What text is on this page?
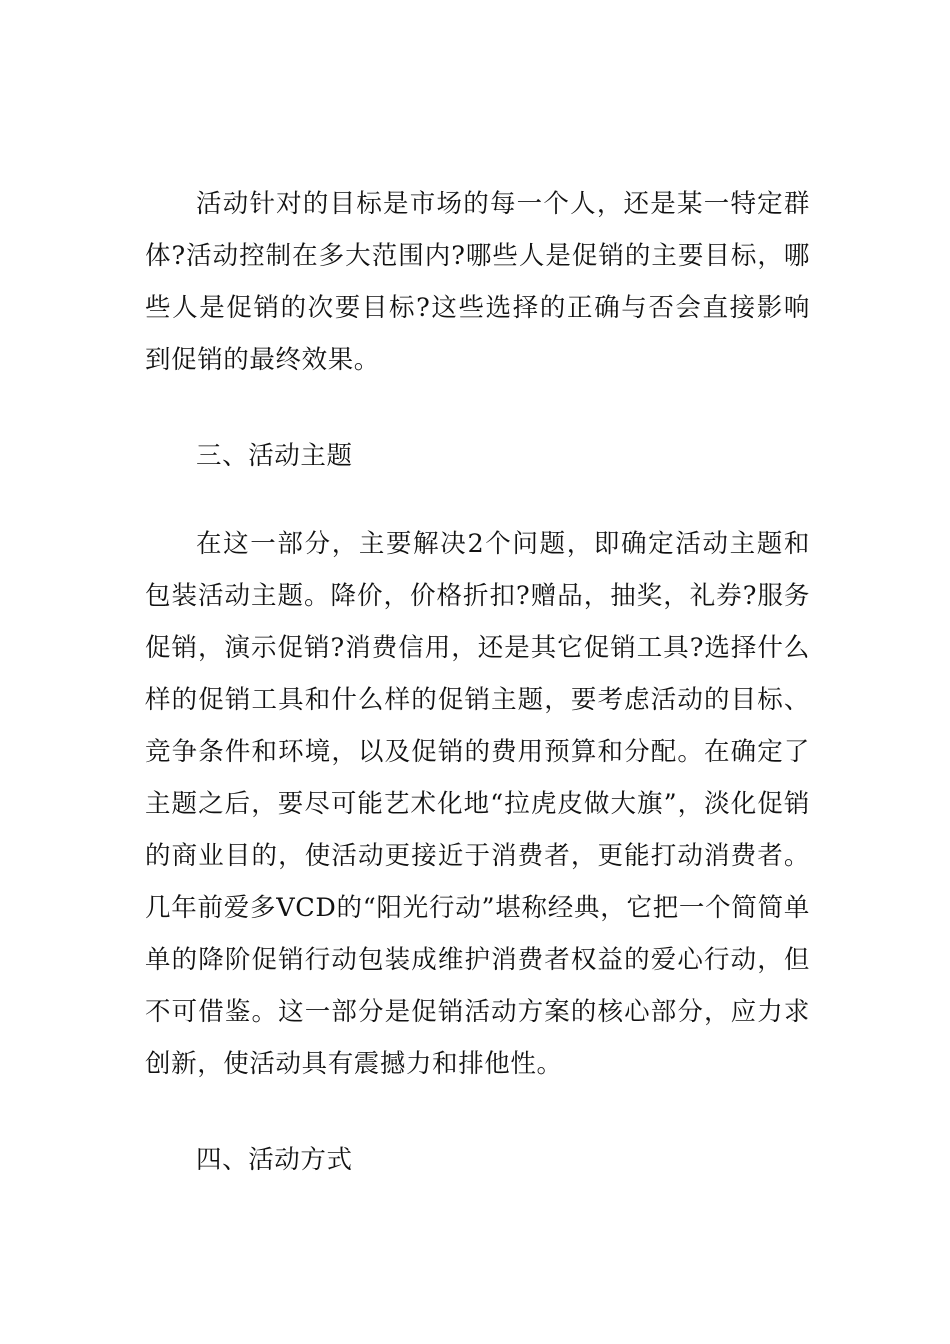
活动针对的目标是市场的每一个人，还是某一特定群体?活动控制在多大范围内?哪些人是促销的主要目标，哪些人是促销的次要目标?这些选择的正确与否会直接影响到促销的最终效果。

三、活动主题

在这一部分，主要解决2个问题，即确定活动主题和包装活动主题。降价，价格折扣?赠品，抽奖，礼券?服务促销，演示促销?消费信用，还是其它促销工具?选择什么样的促销工具和什么样的促销主题，要考虑活动的目标、竞争条件和环境，以及促销的费用预算和分配。在确定了主题之后，要尽可能艺术化地“拉虎皮做大旗”，淡化促销的商业目的，使活动更接近于消费者，更能打动消费者。几年前爱多VCD的“阳光行动”堪称经典，它把一个简简单单的降阶促销行动包装成维护消费者权益的爱心行动，但不可借鉴。这一部分是促销活动方案的核心部分，应力求创新，使活动具有震撼力和排他性。

四、活动方式
